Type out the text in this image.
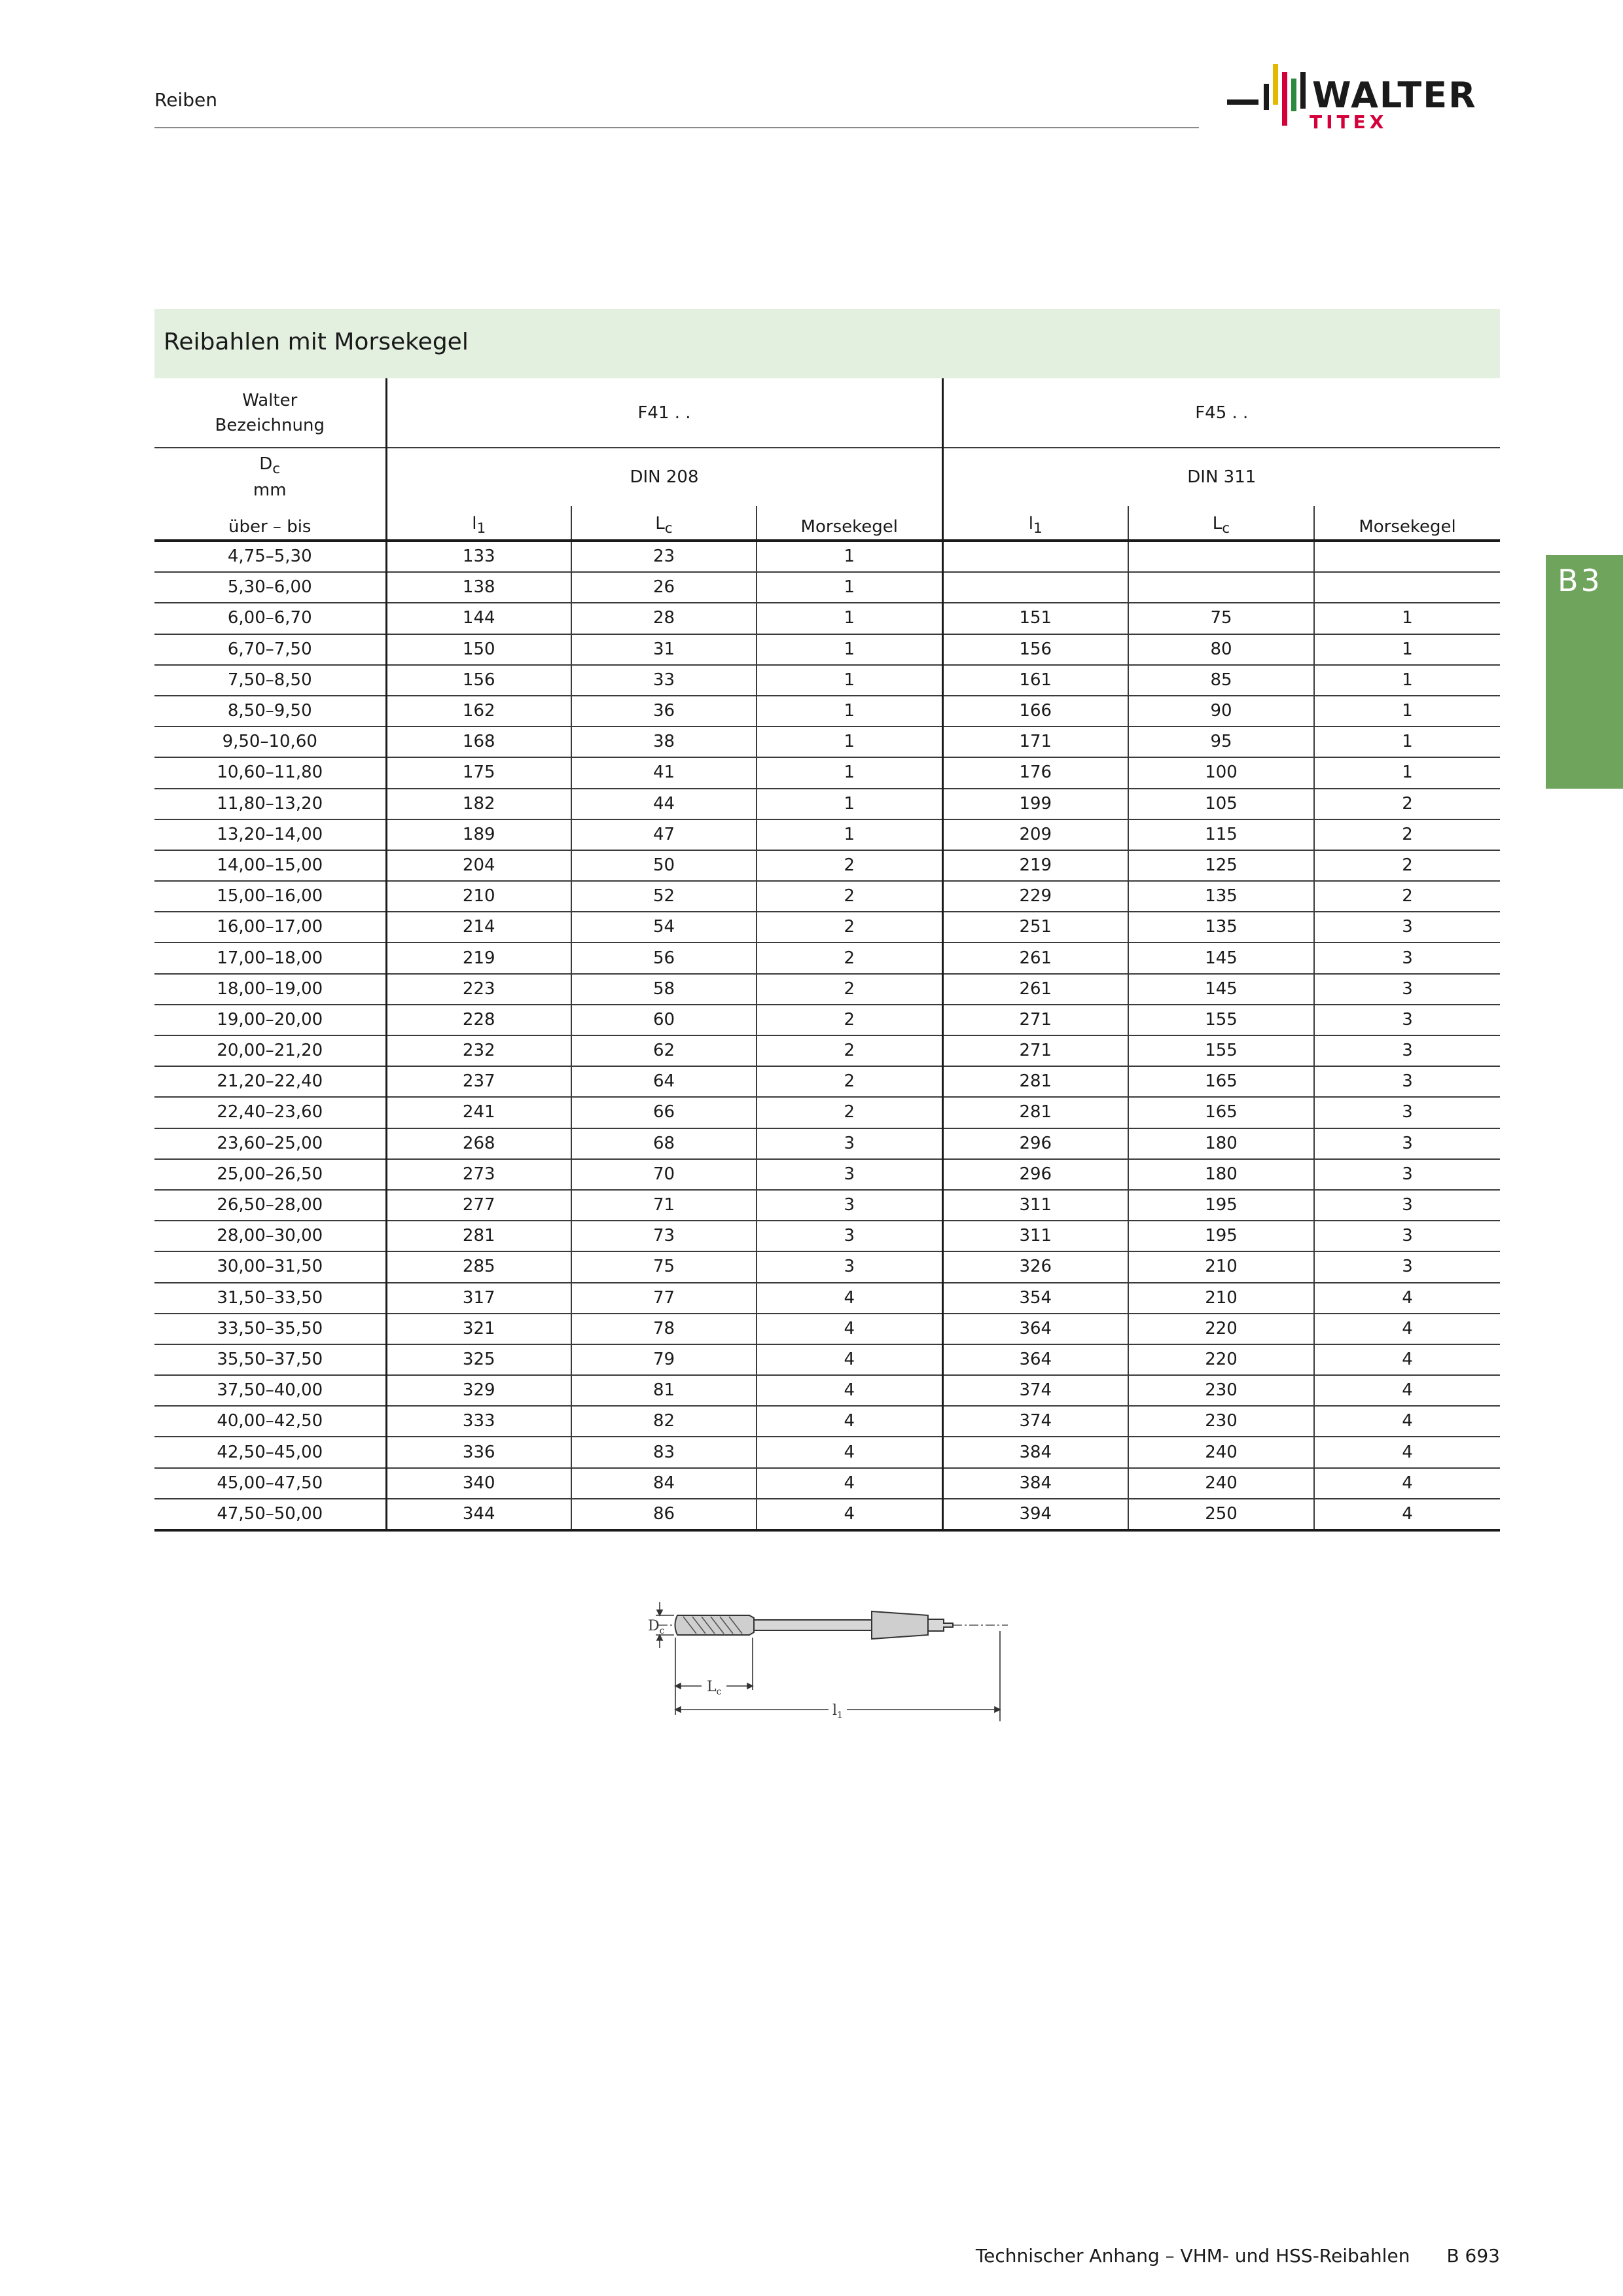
Reiben	WALTER
TITEX
B3
Reibahlen mit Morsekegel
Walter
Bezeichnung	F41 . .			F45 . .		
$D_c$
mm	DIN 208			DIN 311		
über – bis	$l_1$	$L_c$	Morsekegel	$l_1$	$L_c$	Morsekegel
4,75–5,30	133	23	1			
5,30–6,00	138	26	1			
6,00–6,70	144	28	1	151	75	1
6,70–7,50	150	31	1	156	80	1
7,50–8,50	156	33	1	161	85	1
8,50–9,50	162	36	1	166	90	1
9,50–10,60	168	38	1	171	95	1
10,60–11,80	175	41	1	176	100	1
11,80–13,20	182	44	1	199	105	2
13,20–14,00	189	47	1	209	115	2
14,00–15,00	204	50	2	219	125	2
15,00–16,00	210	52	2	229	135	2
16,00–17,00	214	54	2	251	135	3
17,00–18,00	219	56	2	261	145	3
18,00–19,00	223	58	2	261	145	3
19,00–20,00	228	60	2	271	155	3
20,00–21,20	232	62	2	271	155	3
21,20–22,40	237	64	2	281	165	3
22,40–23,60	241	66	2	281	165	3
23,60–25,00	268	68	3	296	180	3
25,00–26,50	273	70	3	296	180	3
26,50–28,00	277	71	3	311	195	3
28,00–30,00	281	73	3	311	195	3
30,00–31,50	285	75	3	326	210	3
31,50–33,50	317	77	4	354	210	4
33,50–35,50	321	78	4	364	220	4
35,50–37,50	325	79	4	364	220	4
37,50–40,00	329	81	4	374	230	4
40,00–42,50	333	82	4	374	230	4
42,50–45,00	336	83	4	384	240	4
45,00–47,50	340	84	4	384	240	4
47,50–50,00	344	86	4	394	250	4
$D_c$
$L_c$
$l_1$
Technischer Anhang – VHM- und HSS-Reibahlen B 693
